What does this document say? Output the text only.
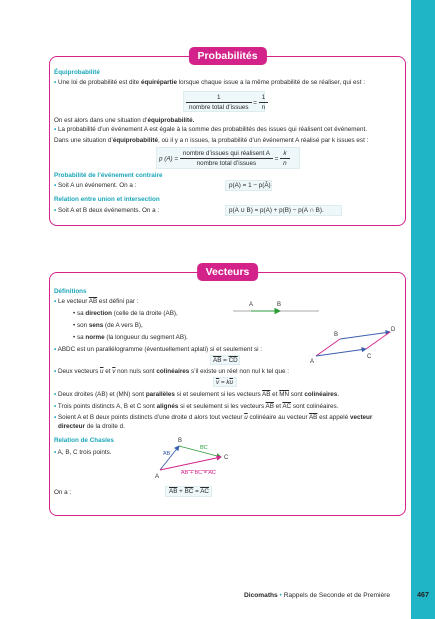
Probabilités
Équiprobabilité
• Une loi de probabilité est dite équirépartie lorsque chaque issue a la même probabilité de se réaliser, qui est :
$\frac{1}{\text{nombre total d’issues}} = \frac{1}{n}$
On est alors dans une situation d’équiprobabilité.
• La probabilité d’un événement A est égale à la somme des probabilités des issues qui réalisent cet événement.
Dans une situation d’équiprobabilité, où il y a n issues, la probabilité d’un événement A réalisé par k issues est :
p $(A) = \frac{\text{nombre d’issues qui réalisent A}}{\text{nombre total d’issues}} = \frac{k}{n}$
Probabilité de l’événement contraire
• Soit A un événement. On a :	p(A) = 1 − p(Ā)
Relation entre union et intersection
• Soit A et B deux événements. On a :	p(A ∪ B) = p(A) + p(B) − p(A ∩ B).
Vecteurs
Définitions
• Le vecteur $\overline{AB}$ est défini par :
• sa direction (celle de la droite (AB),
• son sens (de A vers B),
• sa norme (la longueur du segment AB).
• ABDC est un parallélogramme (éventuellement aplati) si et seulement si :
$\overline{AB} = \overline{CD}$
• Deux vecteurs $\overline{u}$ et $\overline{v}$ non nuls sont colinéaires s’il existe un réel non nul k tel que :
$\overline{v} = k\overline{u}$
• Deux droites (AB) et (MN) sont parallèles si et seulement si les vecteurs $\overline{AB}$ et $\overline{MN}$ sont colinéaires.
• Trois points distincts A, B et C sont alignés si et seulement si les vecteurs $\overline{AB}$ et $\overline{AC}$ sont colinéaires.
• Soient A et B deux points distincts d’une droite d alors tout vecteur $\overline{u}$ colinéaire au vecteur $\overline{AB}$ est appelé vecteur
directeur de la droite d.
Relation de Chasles
• A, B, C trois points.
On a :	$\overline{AB} + \overline{BC} = \overline{AC}$
A	B
A
B
C
D
A
B
C
AB
BC
AB + BC = AC
Dicomaths • Rappels de Seconde et de Première	467
